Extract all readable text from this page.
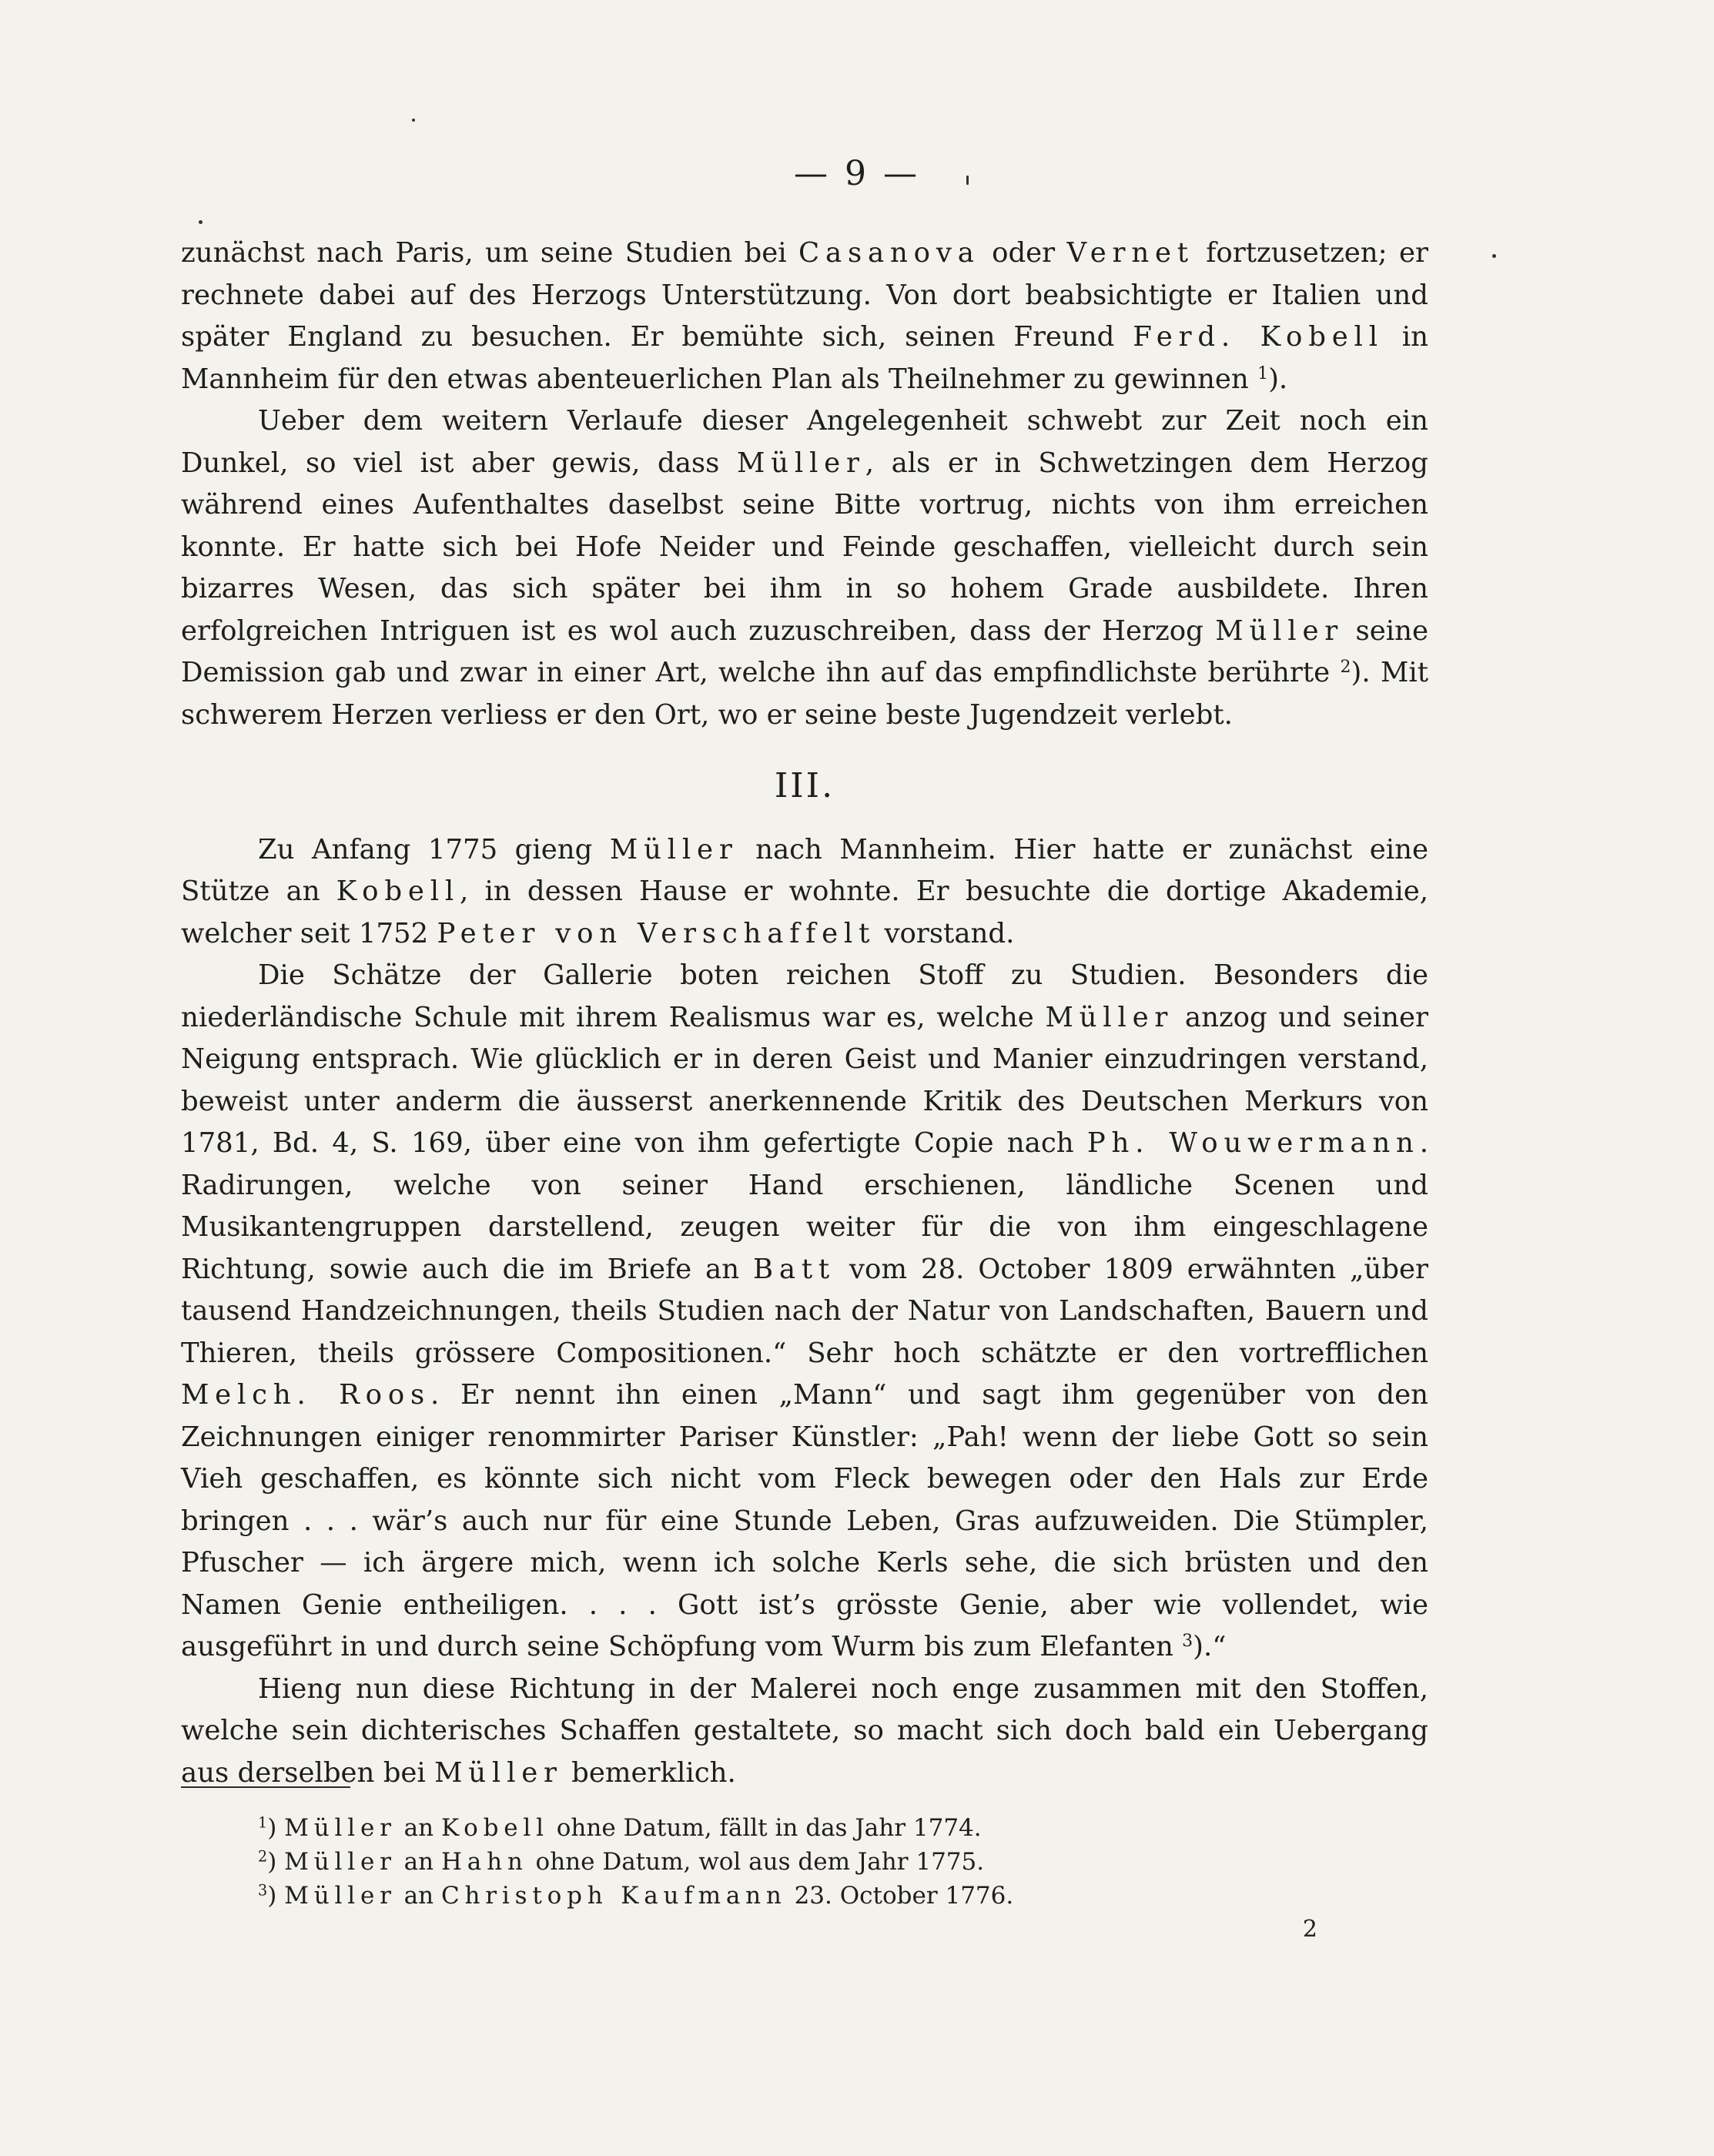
— 9 —

zunächst nach Paris, um seine Studien bei Casanova oder Vernet fortzusetzen; er rechnete dabei auf des Herzogs Unterstützung. Von dort beabsichtigte er Italien und später England zu besuchen. Er bemühte sich, seinen Freund Ferd. Kobell in Mannheim für den etwas abenteuerlichen Plan als Theilnehmer zu gewinnen $^1$).

Ueber dem weitern Verlaufe dieser Angelegenheit schwebt zur Zeit noch ein Dunkel, so viel ist aber gewis, dass Müller, als er in Schwetzingen dem Herzog während eines Aufenthaltes daselbst seine Bitte vortrug, nichts von ihm erreichen konnte. Er hatte sich bei Hofe Neider und Feinde geschaffen, vielleicht durch sein bizarres Wesen, das sich später bei ihm in so hohem Grade ausbildete. Ihren erfolgreichen Intriguen ist es wol auch zuzuschreiben, dass der Herzog Müller seine Demission gab und zwar in einer Art, welche ihn auf das empfindlichste berührte $^2$). Mit schwerem Herzen verliess er den Ort, wo er seine beste Jugendzeit verlebt.

III.

Zu Anfang 1775 gieng Müller nach Mannheim. Hier hatte er zunächst eine Stütze an Kobell, in dessen Hause er wohnte. Er besuchte die dortige Akademie, welcher seit 1752 Peter von Verschaffelt vorstand.

Die Schätze der Gallerie boten reichen Stoff zu Studien. Besonders die niederländische Schule mit ihrem Realismus war es, welche Müller anzog und seiner Neigung entsprach. Wie glücklich er in deren Geist und Manier einzudringen verstand, beweist unter anderm die äusserst anerkennende Kritik des Deutschen Merkurs von 1781, Bd. 4, S. 169, über eine von ihm gefertigte Copie nach Ph. Wouwermann. Radirungen, welche von seiner Hand erschienen, ländliche Scenen und Musikantengruppen darstellend, zeugen weiter für die von ihm eingeschlagene Richtung, sowie auch die im Briefe an Batt vom 28. October 1809 erwähnten „über tausend Handzeichnungen, theils Studien nach der Natur von Landschaften, Bauern und Thieren, theils grössere Compositionen.“ Sehr hoch schätzte er den vortrefflichen Melch. Roos. Er nennt ihn einen „Mann“ und sagt ihm gegenüber von den Zeichnungen einiger renommirter Pariser Künstler: „Pah! wenn der liebe Gott so sein Vieh geschaffen, es könnte sich nicht vom Fleck bewegen oder den Hals zur Erde bringen . . . wär’s auch nur für eine Stunde Leben, Gras aufzuweiden. Die Stümpler, Pfuscher — ich ärgere mich, wenn ich solche Kerls sehe, die sich brüsten und den Namen Genie entheiligen. . . . Gott ist’s grösste Genie, aber wie vollendet, wie ausgeführt in und durch seine Schöpfung vom Wurm bis zum Elefanten $^3$).“

Hieng nun diese Richtung in der Malerei noch enge zusammen mit den Stoffen, welche sein dichterisches Schaffen gestaltete, so macht sich doch bald ein Uebergang aus derselben bei Müller bemerklich.

$^1$) Müller an Kobell ohne Datum, fällt in das Jahr 1774.

$^2$) Müller an Hahn ohne Datum, wol aus dem Jahr 1775.

$^3$) Müller an Christoph Kaufmann 23. October 1776.

2
